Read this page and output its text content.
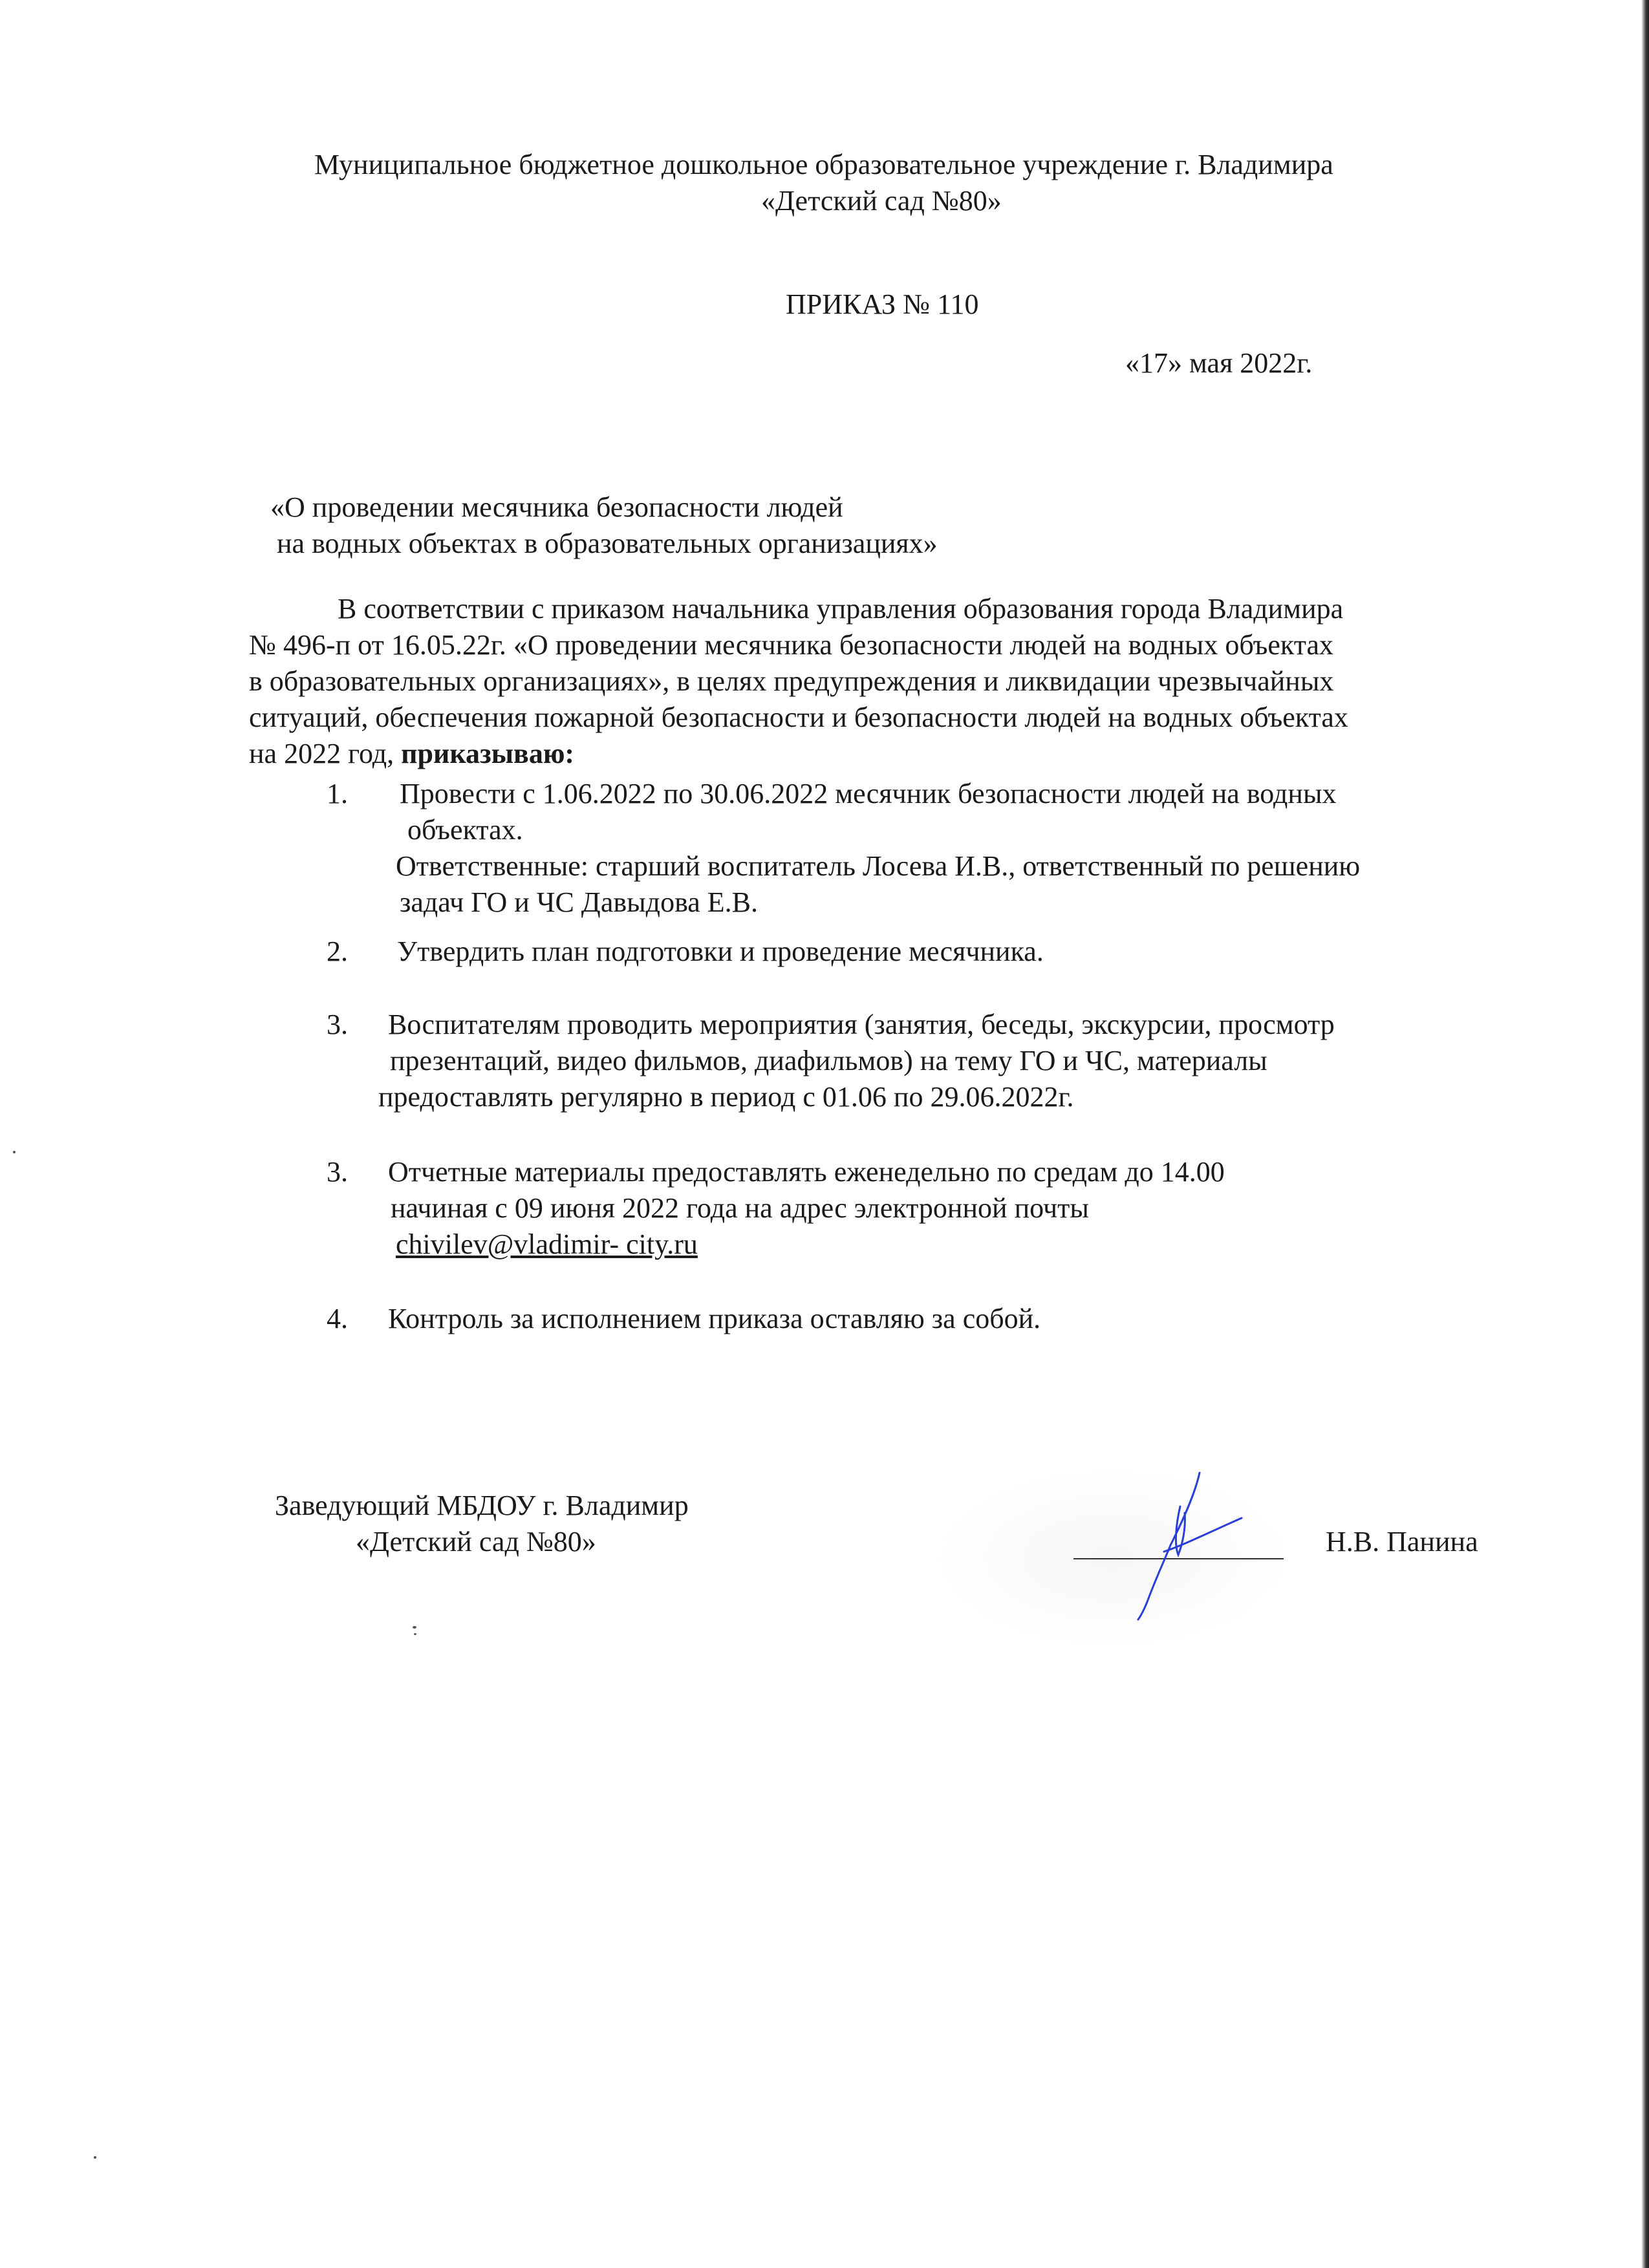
Муниципальное бюджетное дошкольное образовательное учреждение г. Владимира
«Детский сад №80»
ПРИКАЗ № 110
«17» мая 2022г.
«О проведении месячника безопасности людей
на водных объектах в образовательных организациях»
В соответствии с приказом начальника управления образования города Владимира
№ 496-п от 16.05.22г. «О проведении месячника безопасности людей на водных объектах
в образовательных организациях», в целях предупреждения и ликвидации чрезвычайных
ситуаций, обеспечения пожарной безопасности и безопасности людей на водных объектах
на 2022 год, приказываю:
1. Провести с 1.06.2022 по 30.06.2022 месячник безопасности людей на водных
объектах.
Ответственные: старший воспитатель Лосева И.В., ответственный по решению
задач ГО и ЧС Давыдова Е.В.
2. Утвердить план подготовки и проведение месячника.
3. Воспитателям проводить мероприятия (занятия, беседы, экскурсии, просмотр
презентаций, видео фильмов, диафильмов) на тему ГО и ЧС, материалы
предоставлять регулярно в период с 01.06 по 29.06.2022г.
3. Отчетные материалы предоставлять еженедельно по средам до 14.00
начиная с 09 июня 2022 года на адрес электронной почты
chivilev@vladimir- city.ru
4. Контроль за исполнением приказа оставляю за собой.
Заведующий МБДОУ г. Владимир
«Детский сад №80»	Н.В. Панина
